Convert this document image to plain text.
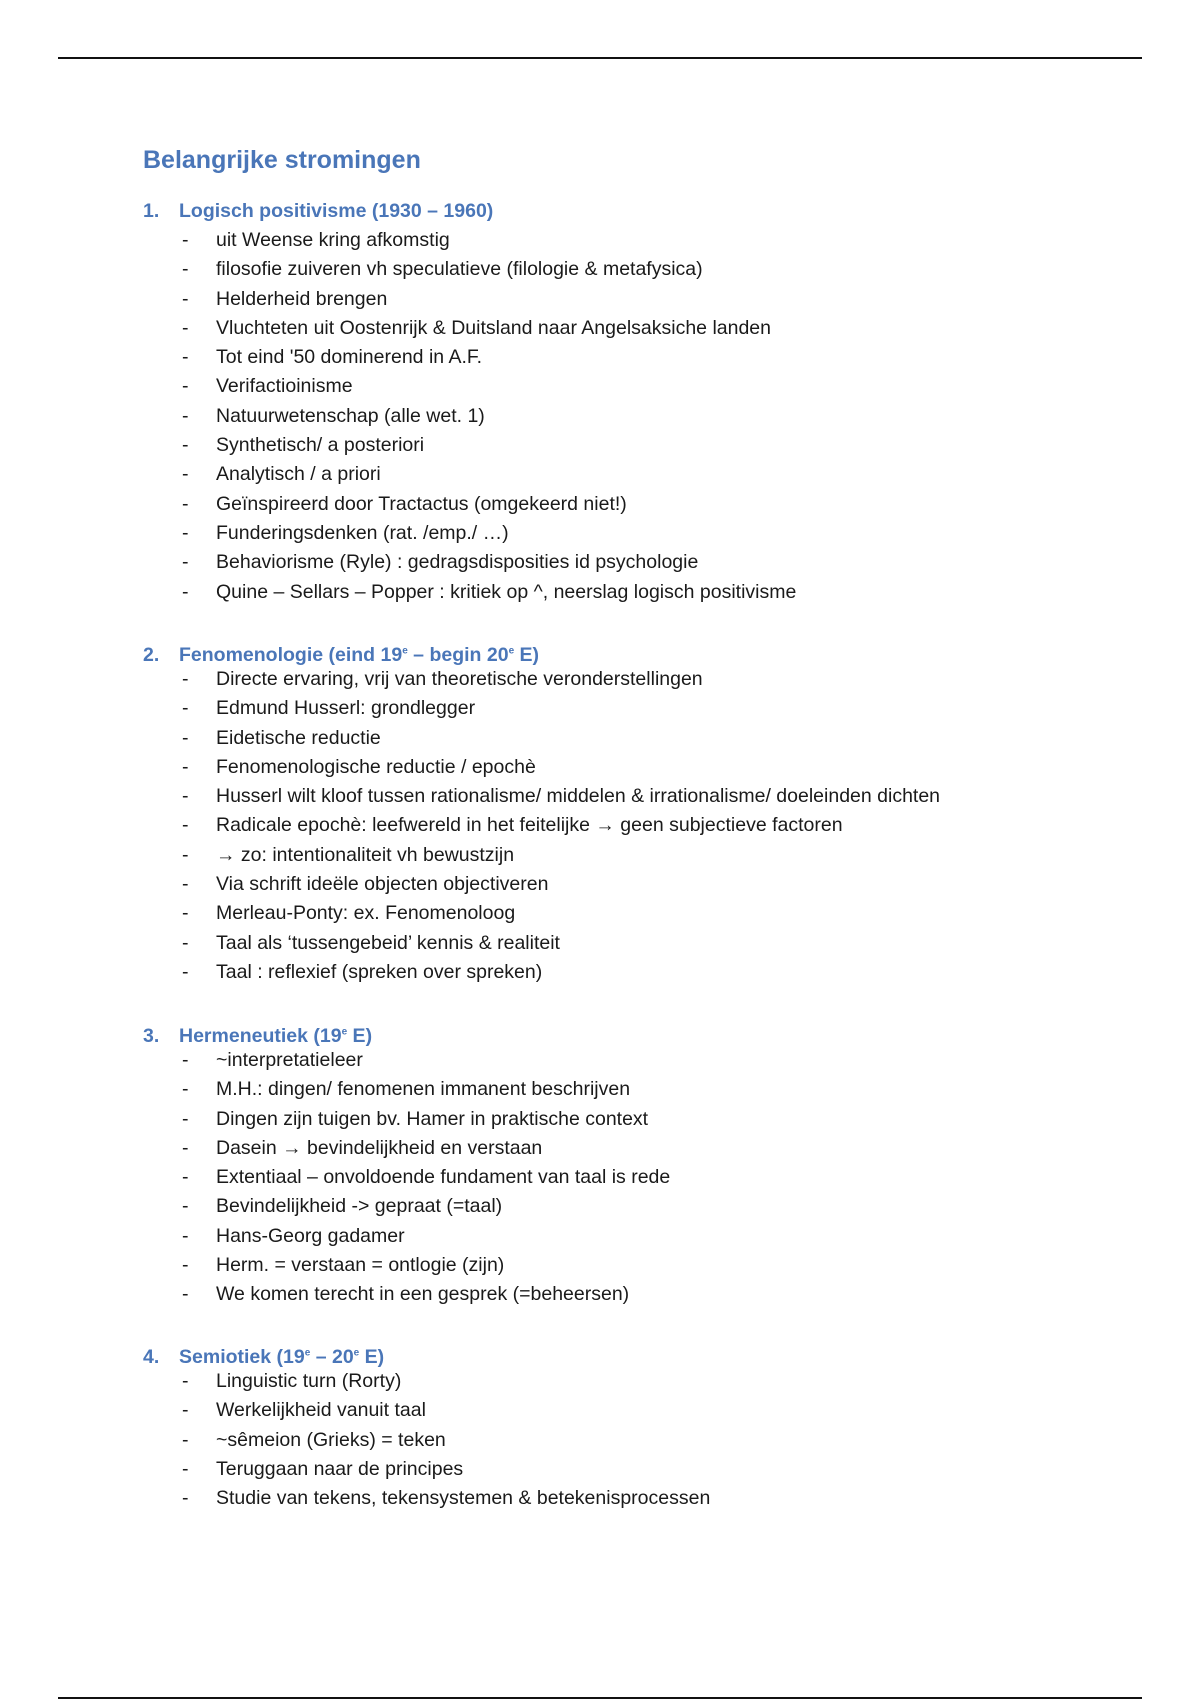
Belangrijke stromingen
1. Logisch positivisme (1930 – 1960)
- uit Weense kring afkomstig
- filosofie zuiveren vh speculatieve (filologie & metafysica)
- Helderheid brengen
- Vluchteten uit Oostenrijk & Duitsland naar Angelsaksiche landen
- Tot eind '50 dominerend in A.F.
- Verifactioinisme
- Natuurwetenschap (alle wet. 1)
- Synthetisch/ a posteriori
- Analytisch / a priori
- Geïnspireerd door Tractactus (omgekeerd niet!)
- Funderingsdenken (rat. /emp./ …)
- Behaviorisme (Ryle) : gedragsdisposities id psychologie
- Quine – Sellars – Popper : kritiek op ^, neerslag logisch positivisme
2. Fenomenologie (eind 19e – begin 20e E)
- Directe ervaring, vrij van theoretische veronderstellingen
- Edmund Husserl: grondlegger
- Eidetische reductie
- Fenomenologische reductie / epochè
- Husserl wilt kloof tussen rationalisme/ middelen & irrationalisme/ doeleinden dichten
- Radicale epochè: leefwereld in het feitelijke → geen subjectieve factoren
- → zo: intentionaliteit vh bewustzijn
- Via schrift ideële objecten objectiveren
- Merleau-Ponty: ex. Fenomenoloog
- Taal als ‘tussengebeid’ kennis & realiteit
- Taal : reflexief (spreken over spreken)
3. Hermeneutiek (19e E)
- ~interpretatieleer
- M.H.: dingen/ fenomenen immanent beschrijven
- Dingen zijn tuigen bv. Hamer in praktische context
- Dasein → bevindelijkheid en verstaan
- Extentiaal – onvoldoende fundament van taal is rede
- Bevindelijkheid -> gepraat (=taal)
- Hans-Georg gadamer
- Herm. = verstaan = ontlogie (zijn)
- We komen terecht in een gesprek (=beheersen)
4. Semiotiek (19e – 20e E)
- Linguistic turn (Rorty)
- Werkelijkheid vanuit taal
- ~sêmeion (Grieks) = teken
- Teruggaan naar de principes
- Studie van tekens, tekensystemen & betekenisprocessen
